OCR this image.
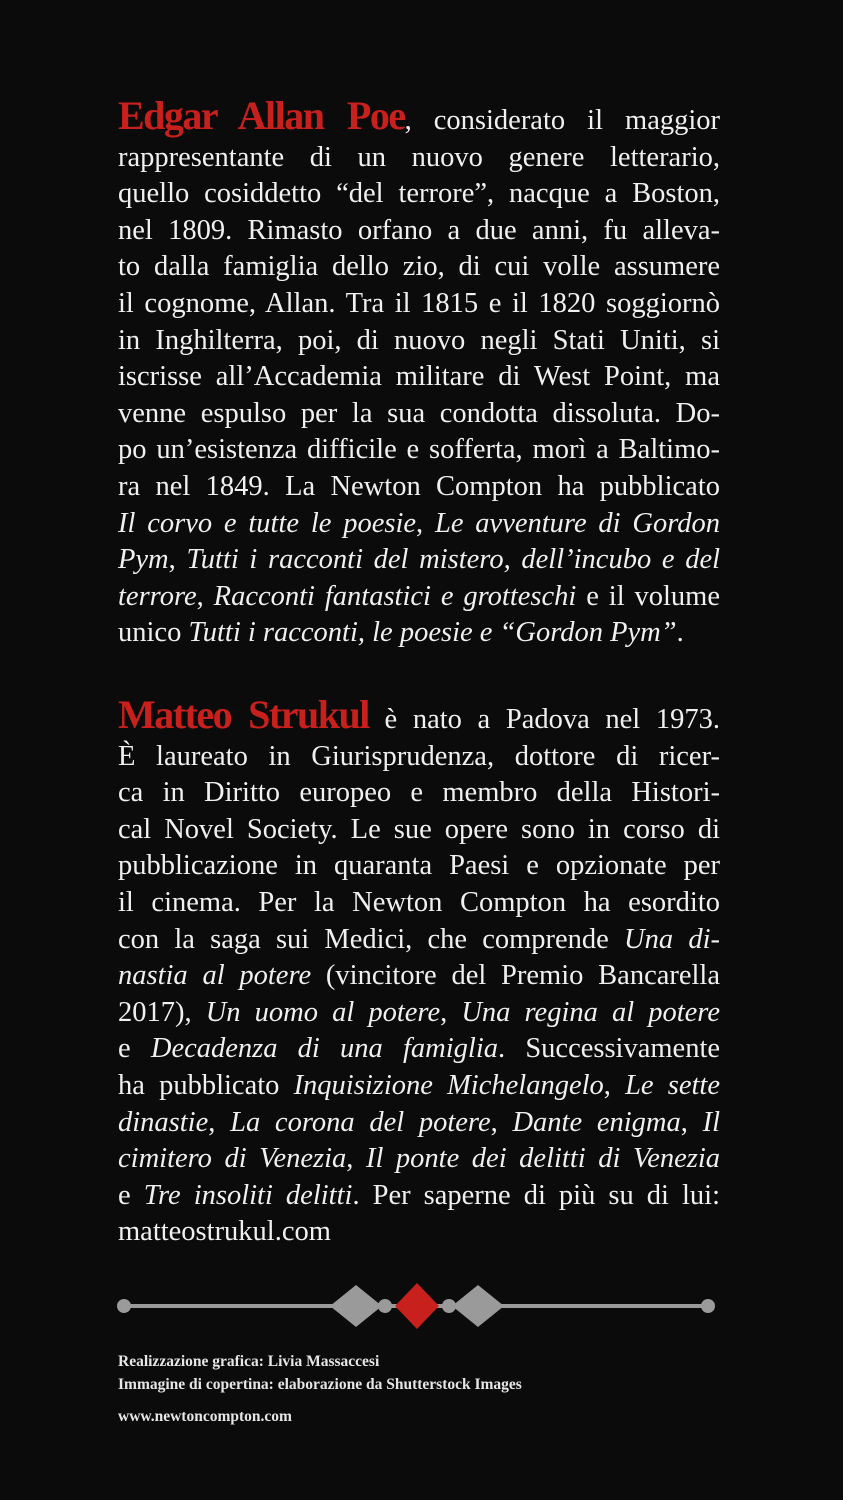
Edgar Allan Poe, considerato il maggior
rappresentante di un nuovo genere letterario,
quello cosiddetto “del terrore”, nacque a Boston,
nel 1809. Rimasto orfano a due anni, fu alleva-
to dalla famiglia dello zio, di cui volle assumere
il cognome, Allan. Tra il 1815 e il 1820 soggiornò
in Inghilterra, poi, di nuovo negli Stati Uniti, si
iscrisse all’Accademia militare di West Point, ma
venne espulso per la sua condotta dissoluta. Do-
po un’esistenza difficile e sofferta, morì a Baltimo-
ra nel 1849. La Newton Compton ha pubblicato
Il corvo e tutte le poesie, Le avventure di Gordon
Pym, Tutti i racconti del mistero, dell’incubo e del
terrore, Racconti fantastici e grotteschi e il volume
unico Tutti i racconti, le poesie e “Gordon Pym”.
Matteo Strukul è nato a Padova nel 1973.
È laureato in Giurisprudenza, dottore di ricer-
ca in Diritto europeo e membro della Histori-
cal Novel Society. Le sue opere sono in corso di
pubblicazione in quaranta Paesi e opzionate per
il cinema. Per la Newton Compton ha esordito
con la saga sui Medici, che comprende Una di-
nastia al potere (vincitore del Premio Bancarella
2017), Un uomo al potere, Una regina al potere
e Decadenza di una famiglia. Successivamente
ha pubblicato Inquisizione Michelangelo, Le sette
dinastie, La corona del potere, Dante enigma, Il
cimitero di Venezia, Il ponte dei delitti di Venezia
e Tre insoliti delitti. Per saperne di più su di lui:
matteostrukul.com
Realizzazione grafica: Livia Massaccesi
Immagine di copertina: elaborazione da Shutterstock Images
www.newtoncompton.com
